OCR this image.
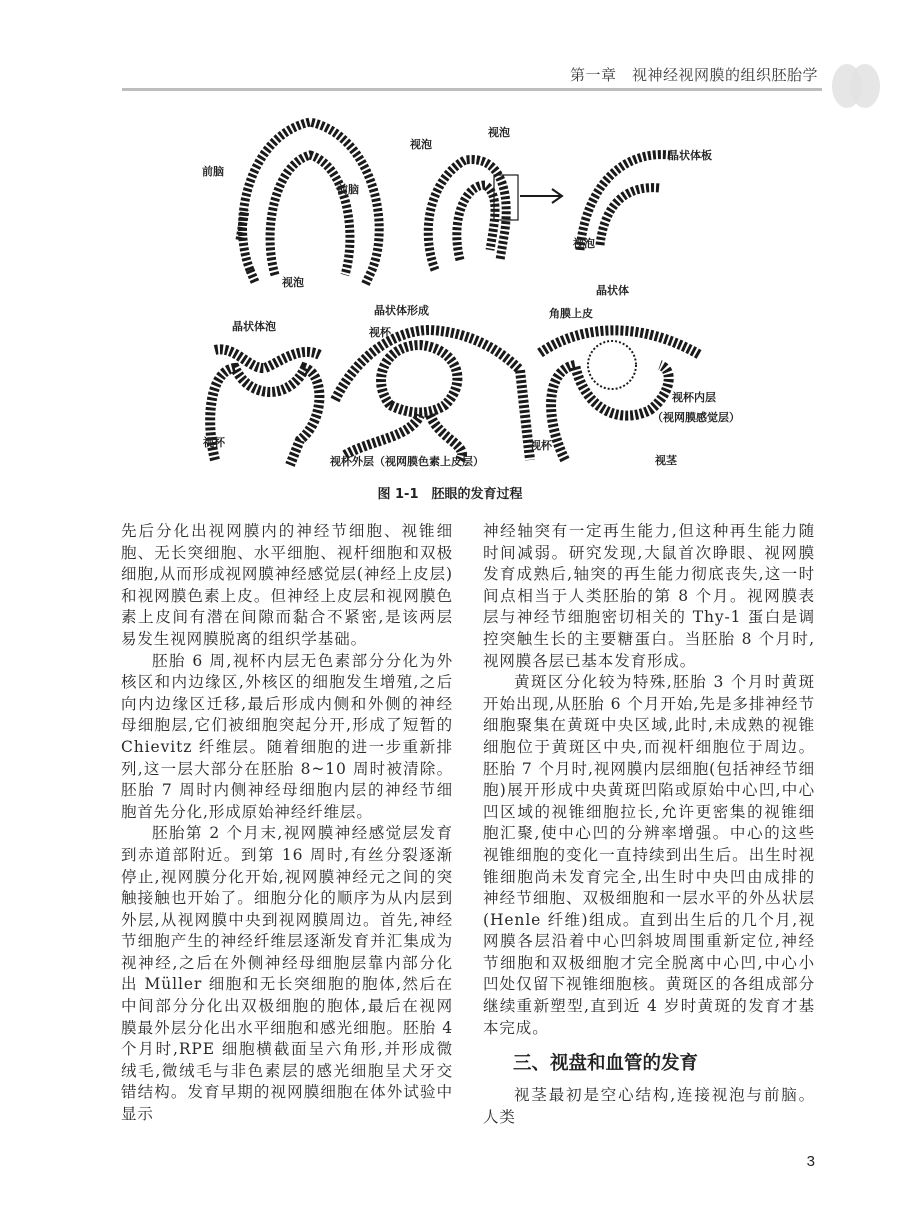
第一章　视神经视网膜的组织胚胎学
前脑
前脑
视泡
视泡
视泡
晶状体板
视泡
晶状体泡
视杯
晶状体形成
视杯
视杯外层（视网膜色素上皮层）
晶状体
角膜上皮
视杯内层
（视网膜感觉层）
视杯
视茎
图 1-1　胚眼的发育过程

先后分化出视网膜内的神经节细胞、视锥细胞、无长突细胞、水平细胞、视杆细胞和双极细胞,从而形成视网膜神经感觉层(神经上皮层)和视网膜色素上皮。但神经上皮层和视网膜色素上皮间有潜在间隙而黏合不紧密,是该两层易发生视网膜脱离的组织学基础。

胚胎 6 周,视杯内层无色素部分分化为外核区和内边缘区,外核区的细胞发生增殖,之后向内边缘区迁移,最后形成内侧和外侧的神经母细胞层,它们被细胞突起分开,形成了短暂的 Chievitz 纤维层。随着细胞的进一步重新排列,这一层大部分在胚胎 8~10 周时被清除。胚胎 7 周时内侧神经母细胞内层的神经节细胞首先分化,形成原始神经纤维层。

胚胎第 2 个月末,视网膜神经感觉层发育到赤道部附近。到第 16 周时,有丝分裂逐渐停止,视网膜分化开始,视网膜神经元之间的突触接触也开始了。细胞分化的顺序为从内层到外层,从视网膜中央到视网膜周边。首先,神经节细胞产生的神经纤维层逐渐发育并汇集成为视神经,之后在外侧神经母细胞层靠内部分化出 Müller 细胞和无长突细胞的胞体,然后在中间部分分化出双极细胞的胞体,最后在视网膜最外层分化出水平细胞和感光细胞。胚胎 4 个月时,RPE 细胞横截面呈六角形,并形成微绒毛,微绒毛与非色素层的感光细胞呈犬牙交错结构。发育早期的视网膜细胞在体外试验中显示

神经轴突有一定再生能力,但这种再生能力随时间减弱。研究发现,大鼠首次睁眼、视网膜发育成熟后,轴突的再生能力彻底丧失,这一时间点相当于人类胚胎的第 8 个月。视网膜表层与神经节细胞密切相关的 Thy-1 蛋白是调控突触生长的主要糖蛋白。当胚胎 8 个月时,视网膜各层已基本发育形成。

黄斑区分化较为特殊,胚胎 3 个月时黄斑开始出现,从胚胎 6 个月开始,先是多排神经节细胞聚集在黄斑中央区域,此时,未成熟的视锥细胞位于黄斑区中央,而视杆细胞位于周边。胚胎 7 个月时,视网膜内层细胞(包括神经节细胞)展开形成中央黄斑凹陷或原始中心凹,中心凹区域的视锥细胞拉长,允许更密集的视锥细胞汇聚,使中心凹的分辨率增强。中心的这些视锥细胞的变化一直持续到出生后。出生时视锥细胞尚未发育完全,出生时中央凹由成排的神经节细胞、双极细胞和一层水平的外丛状层(Henle 纤维)组成。直到出生后的几个月,视网膜各层沿着中心凹斜坡周围重新定位,神经节细胞和双极细胞才完全脱离中心凹,中心小凹处仅留下视锥细胞核。黄斑区的各组成部分继续重新塑型,直到近 4 岁时黄斑的发育才基本完成。

三、视盘和血管的发育

视茎最初是空心结构,连接视泡与前脑。人类

3
